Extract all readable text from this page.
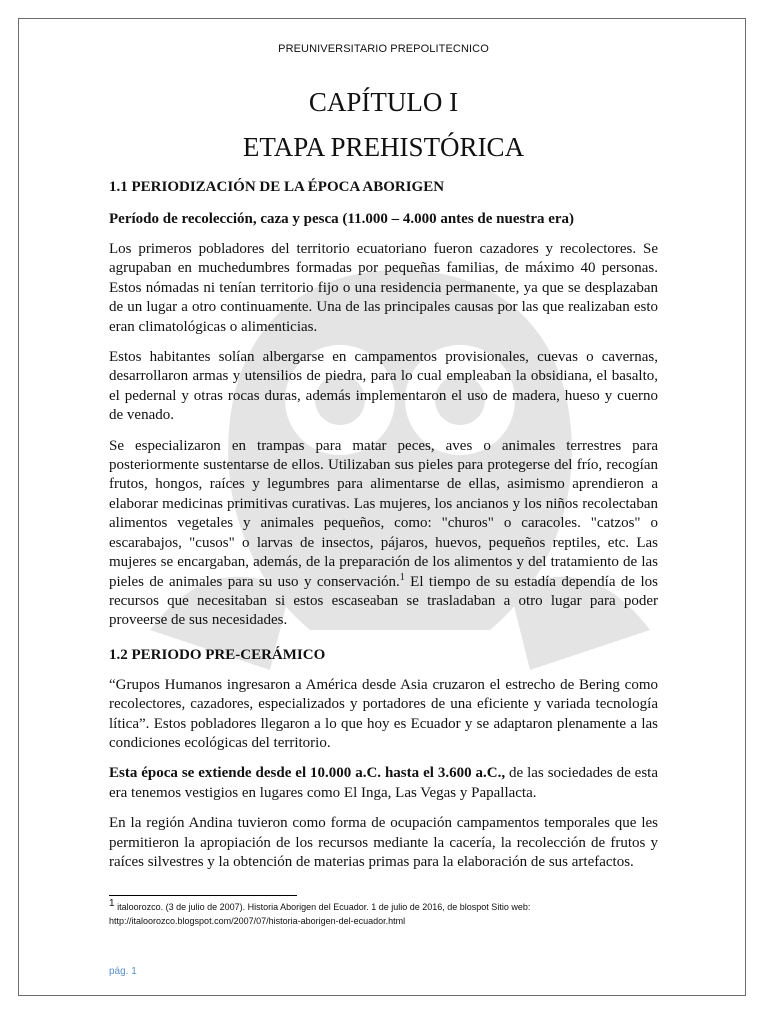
PREUNIVERSITARIO PREPOLITECNICO
CAPÍTULO I
ETAPA PREHISTÓRICA
1.1 PERIODIZACIÓN DE LA ÉPOCA ABORIGEN
Período de recolección, caza y pesca (11.000 – 4.000 antes de nuestra era)

Los primeros pobladores del territorio ecuatoriano fueron cazadores y recolectores. Se agrupaban en muchedumbres formadas por pequeñas familias, de máximo 40 personas. Estos nómadas ni tenían territorio fijo o una residencia permanente, ya que se desplazaban de un lugar a otro continuamente. Una de las principales causas por las que realizaban esto eran climatológicas o alimenticias.

Estos habitantes solían albergarse en campamentos provisionales, cuevas o cavernas, desarrollaron armas y utensilios de piedra, para lo cual empleaban la obsidiana, el basalto, el pedernal y otras rocas duras, además implementaron el uso de madera, hueso y cuerno de venado.

Se especializaron en trampas para matar peces, aves o animales terrestres para posteriormente sustentarse de ellos. Utilizaban sus pieles para protegerse del frío, recogían frutos, hongos, raíces y legumbres para alimentarse de ellas, asimismo aprendieron a elaborar medicinas primitivas curativas. Las mujeres, los ancianos y los niños recolectaban alimentos vegetales y animales pequeños, como: "churos" o caracoles. "catzos" o escarabajos, "cusos" o larvas de insectos, pájaros, huevos, pequeños reptiles, etc. Las mujeres se encargaban, además, de la preparación de los alimentos y del tratamiento de las pieles de animales para su uso y conservación.$^1$ El tiempo de su estadía dependía de los recursos que necesitaban si estos escaseaban se trasladaban a otro lugar para poder proveerse de sus necesidades.

1.2 PERIODO PRE-CERÁMICO

“Grupos Humanos ingresaron a América desde Asia cruzaron el estrecho de Bering como recolectores, cazadores, especializados y portadores de una eficiente y variada tecnología lítica”. Estos pobladores llegaron a lo que hoy es Ecuador y se adaptaron plenamente a las condiciones ecológicas del territorio.

Esta época se extiende desde el 10.000 a.C. hasta el 3.600 a.C., de las sociedades de esta era tenemos vestigios en lugares como El Inga, Las Vegas y Papallacta.

En la región Andina tuvieron como forma de ocupación campamentos temporales que les permitieron la apropiación de los recursos mediante la cacería, la recolección de frutos y raíces silvestres y la obtención de materias primas para la elaboración de sus artefactos.

$^1$ italoorozco. (3 de julio de 2007). Historia Aborigen del Ecuador. 1 de julio de 2016, de blospot Sitio web: http://italoorozco.blogspot.com/2007/07/historia-aborigen-del-ecuador.html
pág. 1
